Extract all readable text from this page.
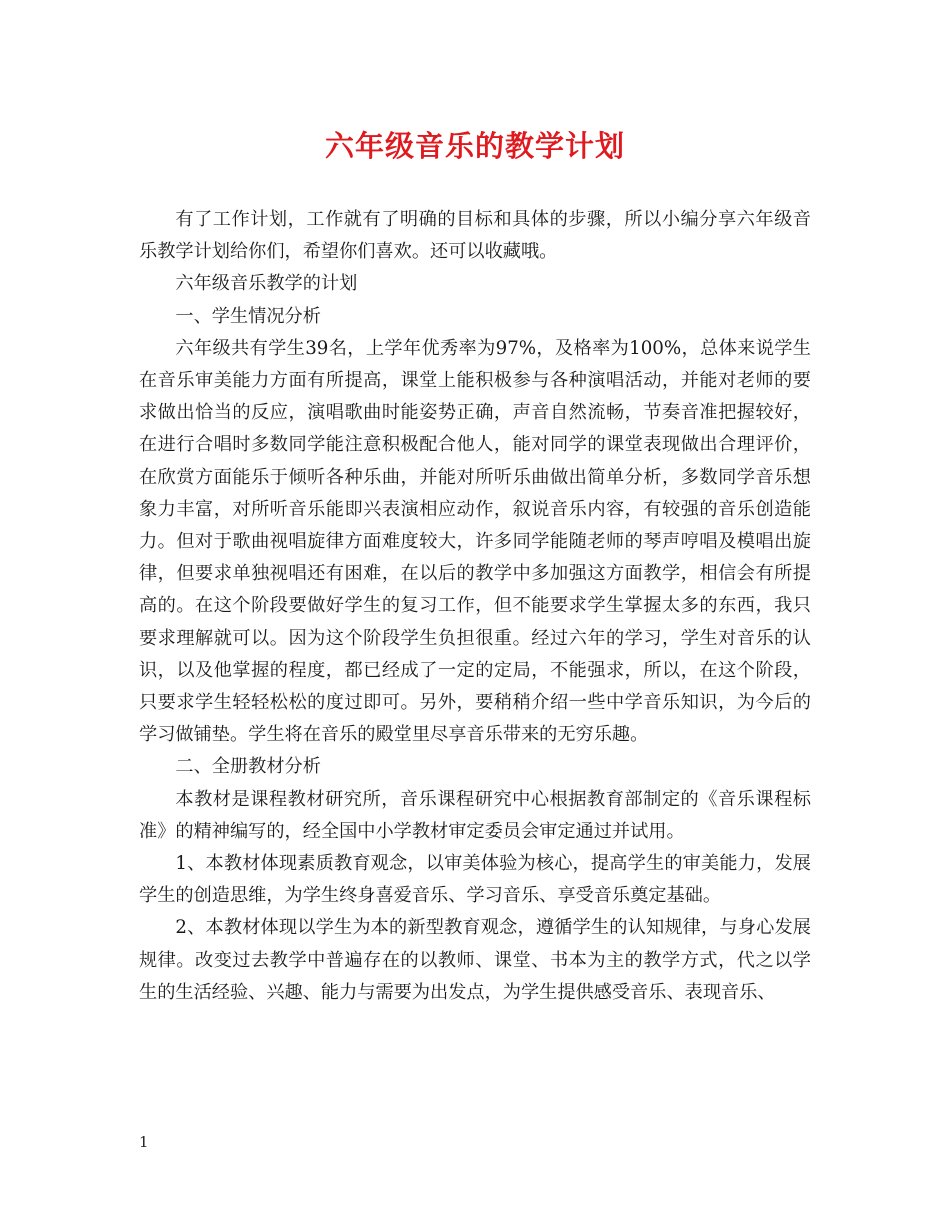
六年级音乐的教学计划

有了工作计划，工作就有了明确的目标和具体的步骤，所以小编分享六年级音乐教学计划给你们，希望你们喜欢。还可以收藏哦。

六年级音乐教学的计划

一、学生情况分析

六年级共有学生39名，上学年优秀率为97%，及格率为100%，总体来说学生在音乐审美能力方面有所提高，课堂上能积极参与各种演唱活动，并能对老师的要求做出恰当的反应，演唱歌曲时能姿势正确，声音自然流畅，节奏音准把握较好，在进行合唱时多数同学能注意积极配合他人，能对同学的课堂表现做出合理评价，在欣赏方面能乐于倾听各种乐曲，并能对所听乐曲做出简单分析，多数同学音乐想象力丰富，对所听音乐能即兴表演相应动作，叙说音乐内容，有较强的音乐创造能力。但对于歌曲视唱旋律方面难度较大，许多同学能随老师的琴声哼唱及模唱出旋律，但要求单独视唱还有困难，在以后的教学中多加强这方面教学，相信会有所提高的。在这个阶段要做好学生的复习工作，但不能要求学生掌握太多的东西，我只要求理解就可以。因为这个阶段学生负担很重。经过六年的学习，学生对音乐的认识，以及他掌握的程度，都已经成了一定的定局，不能强求，所以，在这个阶段，只要求学生轻轻松松的度过即可。另外，要稍稍介绍一些中学音乐知识，为今后的学习做铺垫。学生将在音乐的殿堂里尽享音乐带来的无穷乐趣。

二、全册教材分析

本教材是课程教材研究所，音乐课程研究中心根据教育部制定的《音乐课程标准》的精神编写的，经全国中小学教材审定委员会审定通过并试用。

1、本教材体现素质教育观念，以审美体验为核心，提高学生的审美能力，发展学生的创造思维，为学生终身喜爱音乐、学习音乐、享受音乐奠定基础。

2、本教材体现以学生为本的新型教育观念，遵循学生的认知规律，与身心发展规律。改变过去教学中普遍存在的以教师、课堂、书本为主的教学方式，代之以学生的生活经验、兴趣、能力与需要为出发点，为学生提供感受音乐、表现音乐、

1
